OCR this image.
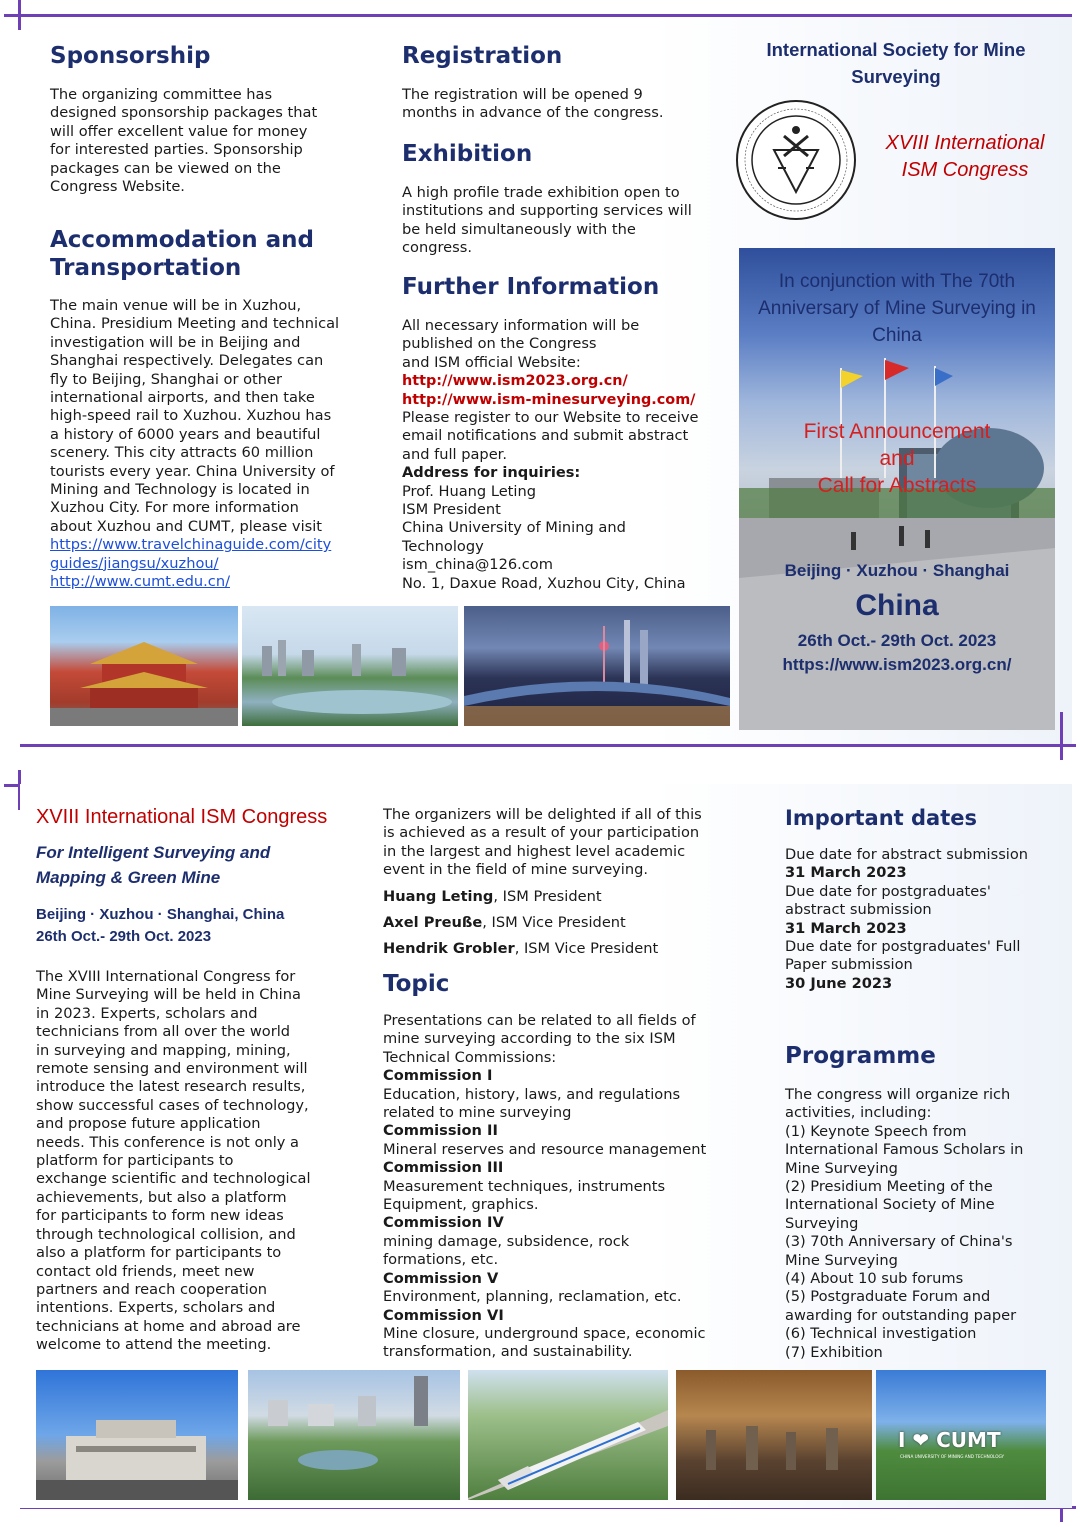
Sponsorship
The organizing committee has
designed sponsorship packages that
will offer excellent value for money
for interested parties. Sponsorship
packages can be viewed on the
Congress Website.
Accommodation and
Transportation
The main venue will be in Xuzhou,
China. Presidium Meeting and technical
investigation will be in Beijing and
Shanghai respectively. Delegates can
fly to Beijing, Shanghai or other
international airports, and then take
high-speed rail to Xuzhou. Xuzhou has
a history of 6000 years and beautiful
scenery. This city attracts 60 million
tourists every year. China University of
Mining and Technology is located in
Xuzhou City. For more information
about Xuzhou and CUMT, please visit
https://www.travelchinaguide.com/city
guides/jiangsu/xuzhou/
http://www.cumt.edu.cn/
Registration
The registration will be opened 9
months in advance of the congress.
Exhibition
A high profile trade exhibition open to
institutions and supporting services will
be held simultaneously with the
congress.
Further Information
All necessary information will be
published on the Congress
and ISM official Website:
http://www.ism2023.org.cn/
http://www.ism-minesurveying.com/
Please register to our Website to receive
email notifications and submit abstract
and full paper.
Address for inquiries:
Prof. Huang Leting
ISM President
China University of Mining and
Technology
ism_china@126.com
No. 1, Daxue Road, Xuzhou City, China
International Society for Mine
Surveying
XVIII International
ISM Congress
In conjunction with The 70th
Anniversary of Mine Surveying in
China
First Announcement
and
Call for Abstracts
Beijing · Xuzhou · Shanghai
China
26th Oct.- 29th Oct. 2023
https://www.ism2023.org.cn/
XVIII International ISM Congress
For Intelligent Surveying and
Mapping & Green Mine
Beijing · Xuzhou · Shanghai, China
26th Oct.- 29th Oct. 2023
The XVIII International Congress for
Mine Surveying will be held in China
in 2023. Experts, scholars and
technicians from all over the world
in surveying and mapping, mining,
remote sensing and environment will
introduce the latest research results,
show successful cases of technology,
and propose future application
needs. This conference is not only a
platform for participants to
exchange scientific and technological
achievements, but also a platform
for participants to form new ideas
through technological collision, and
also a platform for participants to
contact old friends, meet new
partners and reach cooperation
intentions. Experts, scholars and
technicians at home and abroad are
welcome to attend the meeting.
The organizers will be delighted if all of this
is achieved as a result of your participation
in the largest and highest level academic
event in the field of mine surveying.
Huang Leting, ISM President
Axel Preuße, ISM Vice President
Hendrik Grobler, ISM Vice President
Topic
Presentations can be related to all fields of
mine surveying according to the six ISM
Technical Commissions:
Commission I
Education, history, laws, and regulations
related to mine surveying
Commission II
Mineral reserves and resource management
Commission III
Measurement techniques, instruments
Equipment, graphics.
Commission IV
mining damage, subsidence, rock
formations, etc.
Commission V
Environment, planning, reclamation, etc.
Commission VI
Mine closure, underground space, economic
transformation, and sustainability.
Important dates
Due date for abstract submission
31 March 2023
Due date for postgraduates'
abstract submission
31 March 2023
Due date for postgraduates' Full
Paper submission
30 June 2023
Programme
The congress will organize rich
activities, including:
(1) Keynote Speech from
International Famous Scholars in
Mine Surveying
(2) Presidium Meeting of the
International Society of Mine
Surveying
(3) 70th Anniversary of China's
Mine Surveying
(4) About 10 sub forums
(5) Postgraduate Forum and
awarding for outstanding paper
(6) Technical investigation
(7) Exhibition
I ❤ CUMT
CHINA UNIVERSITY OF MINING AND TECHNOLOGY
